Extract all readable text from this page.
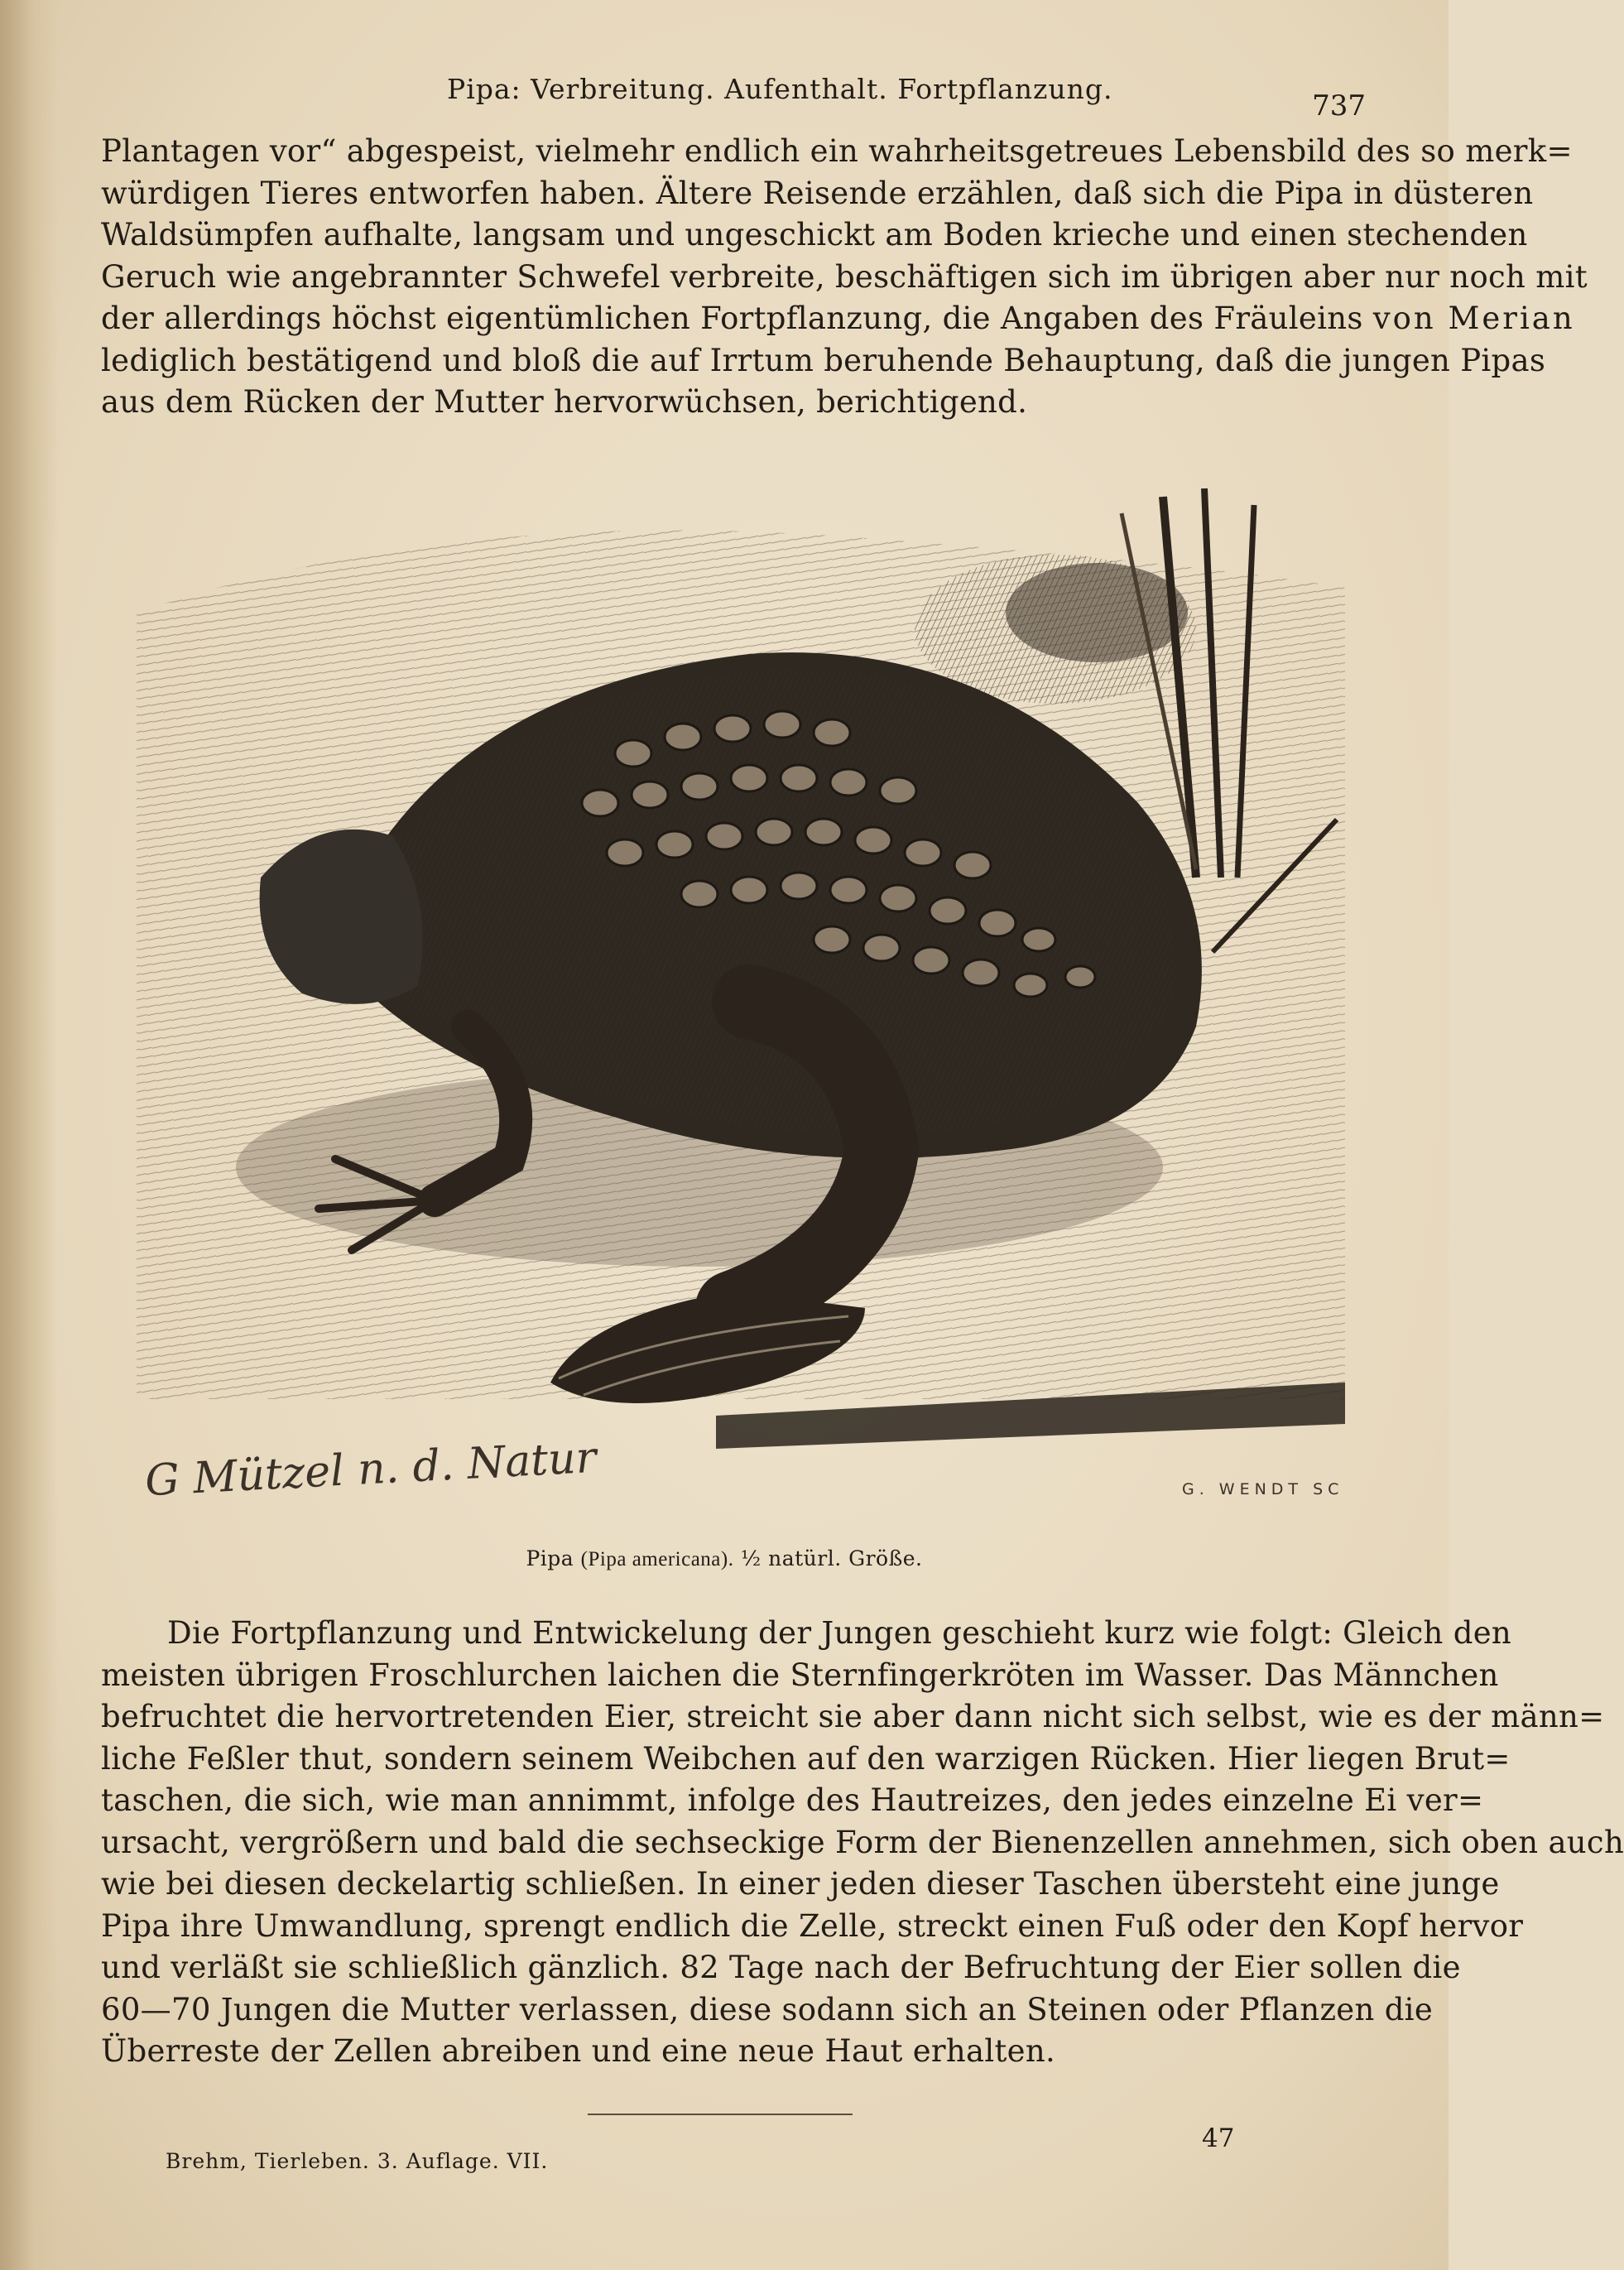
Pipa: Verbreitung. Aufenthalt. Fortpflanzung.
737
Plantagen vor“ abgespeist, vielmehr endlich ein wahrheitsgetreues Lebensbild des so merk=
würdigen Tieres entworfen haben. Ältere Reisende erzählen, daß sich die Pipa in düsteren
Waldsümpfen aufhalte, langsam und ungeschickt am Boden krieche und einen stechenden
Geruch wie angebrannter Schwefel verbreite, beschäftigen sich im übrigen aber nur noch mit
der allerdings höchst eigentümlichen Fortpflanzung, die Angaben des Fräuleins von Merian
lediglich bestätigend und bloß die auf Irrtum beruhende Behauptung, daß die jungen Pipas
aus dem Rücken der Mutter hervorwüchsen, berichtigend.
G Mützel n. d. Natur	G. WENDT SC
Pipa (Pipa americana). ½ natürl. Größe.
Die Fortpflanzung und Entwickelung der Jungen geschieht kurz wie folgt: Gleich den
meisten übrigen Froschlurchen laichen die Sternfingerkröten im Wasser. Das Männchen
befruchtet die hervortretenden Eier, streicht sie aber dann nicht sich selbst, wie es der männ=
liche Feßler thut, sondern seinem Weibchen auf den warzigen Rücken. Hier liegen Brut=
taschen, die sich, wie man annimmt, infolge des Hautreizes, den jedes einzelne Ei ver=
ursacht, vergrößern und bald die sechseckige Form der Bienenzellen annehmen, sich oben auch
wie bei diesen deckelartig schließen. In einer jeden dieser Taschen übersteht eine junge
Pipa ihre Umwandlung, sprengt endlich die Zelle, streckt einen Fuß oder den Kopf hervor
und verläßt sie schließlich gänzlich. 82 Tage nach der Befruchtung der Eier sollen die
60—70 Jungen die Mutter verlassen, diese sodann sich an Steinen oder Pflanzen die
Überreste der Zellen abreiben und eine neue Haut erhalten.
47
Brehm, Tierleben. 3. Auflage. VII.
